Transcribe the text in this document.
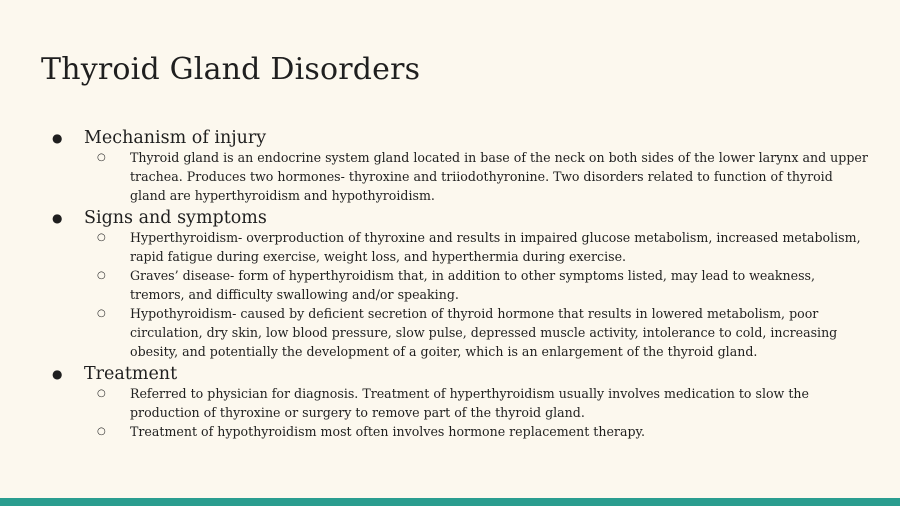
Thyroid Gland Disorders
● Mechanism of injury
○ Thyroid gland is an endocrine system gland located in base of the neck on both sides of the lower larynx and upper trachea. Produces two hormones- thyroxine and triiodothyronine. Two disorders related to function of thyroid gland are hyperthyroidism and hypothyroidism.
● Signs and symptoms
○ Hyperthyroidism- overproduction of thyroxine and results in impaired glucose metabolism, increased metabolism, rapid fatigue during exercise, weight loss, and hyperthermia during exercise.
○ Graves’ disease- form of hyperthyroidism that, in addition to other symptoms listed, may lead to weakness, tremors, and difficulty swallowing and/or speaking.
○ Hypothyroidism- caused by deficient secretion of thyroid hormone that results in lowered metabolism, poor circulation, dry skin, low blood pressure, slow pulse, depressed muscle activity, intolerance to cold, increasing obesity, and potentially the development of a goiter, which is an enlargement of the thyroid gland.
● Treatment
○ Referred to physician for diagnosis. Treatment of hyperthyroidism usually involves medication to slow the production of thyroxine or surgery to remove part of the thyroid gland.
○ Treatment of hypothyroidism most often involves hormone replacement therapy.
